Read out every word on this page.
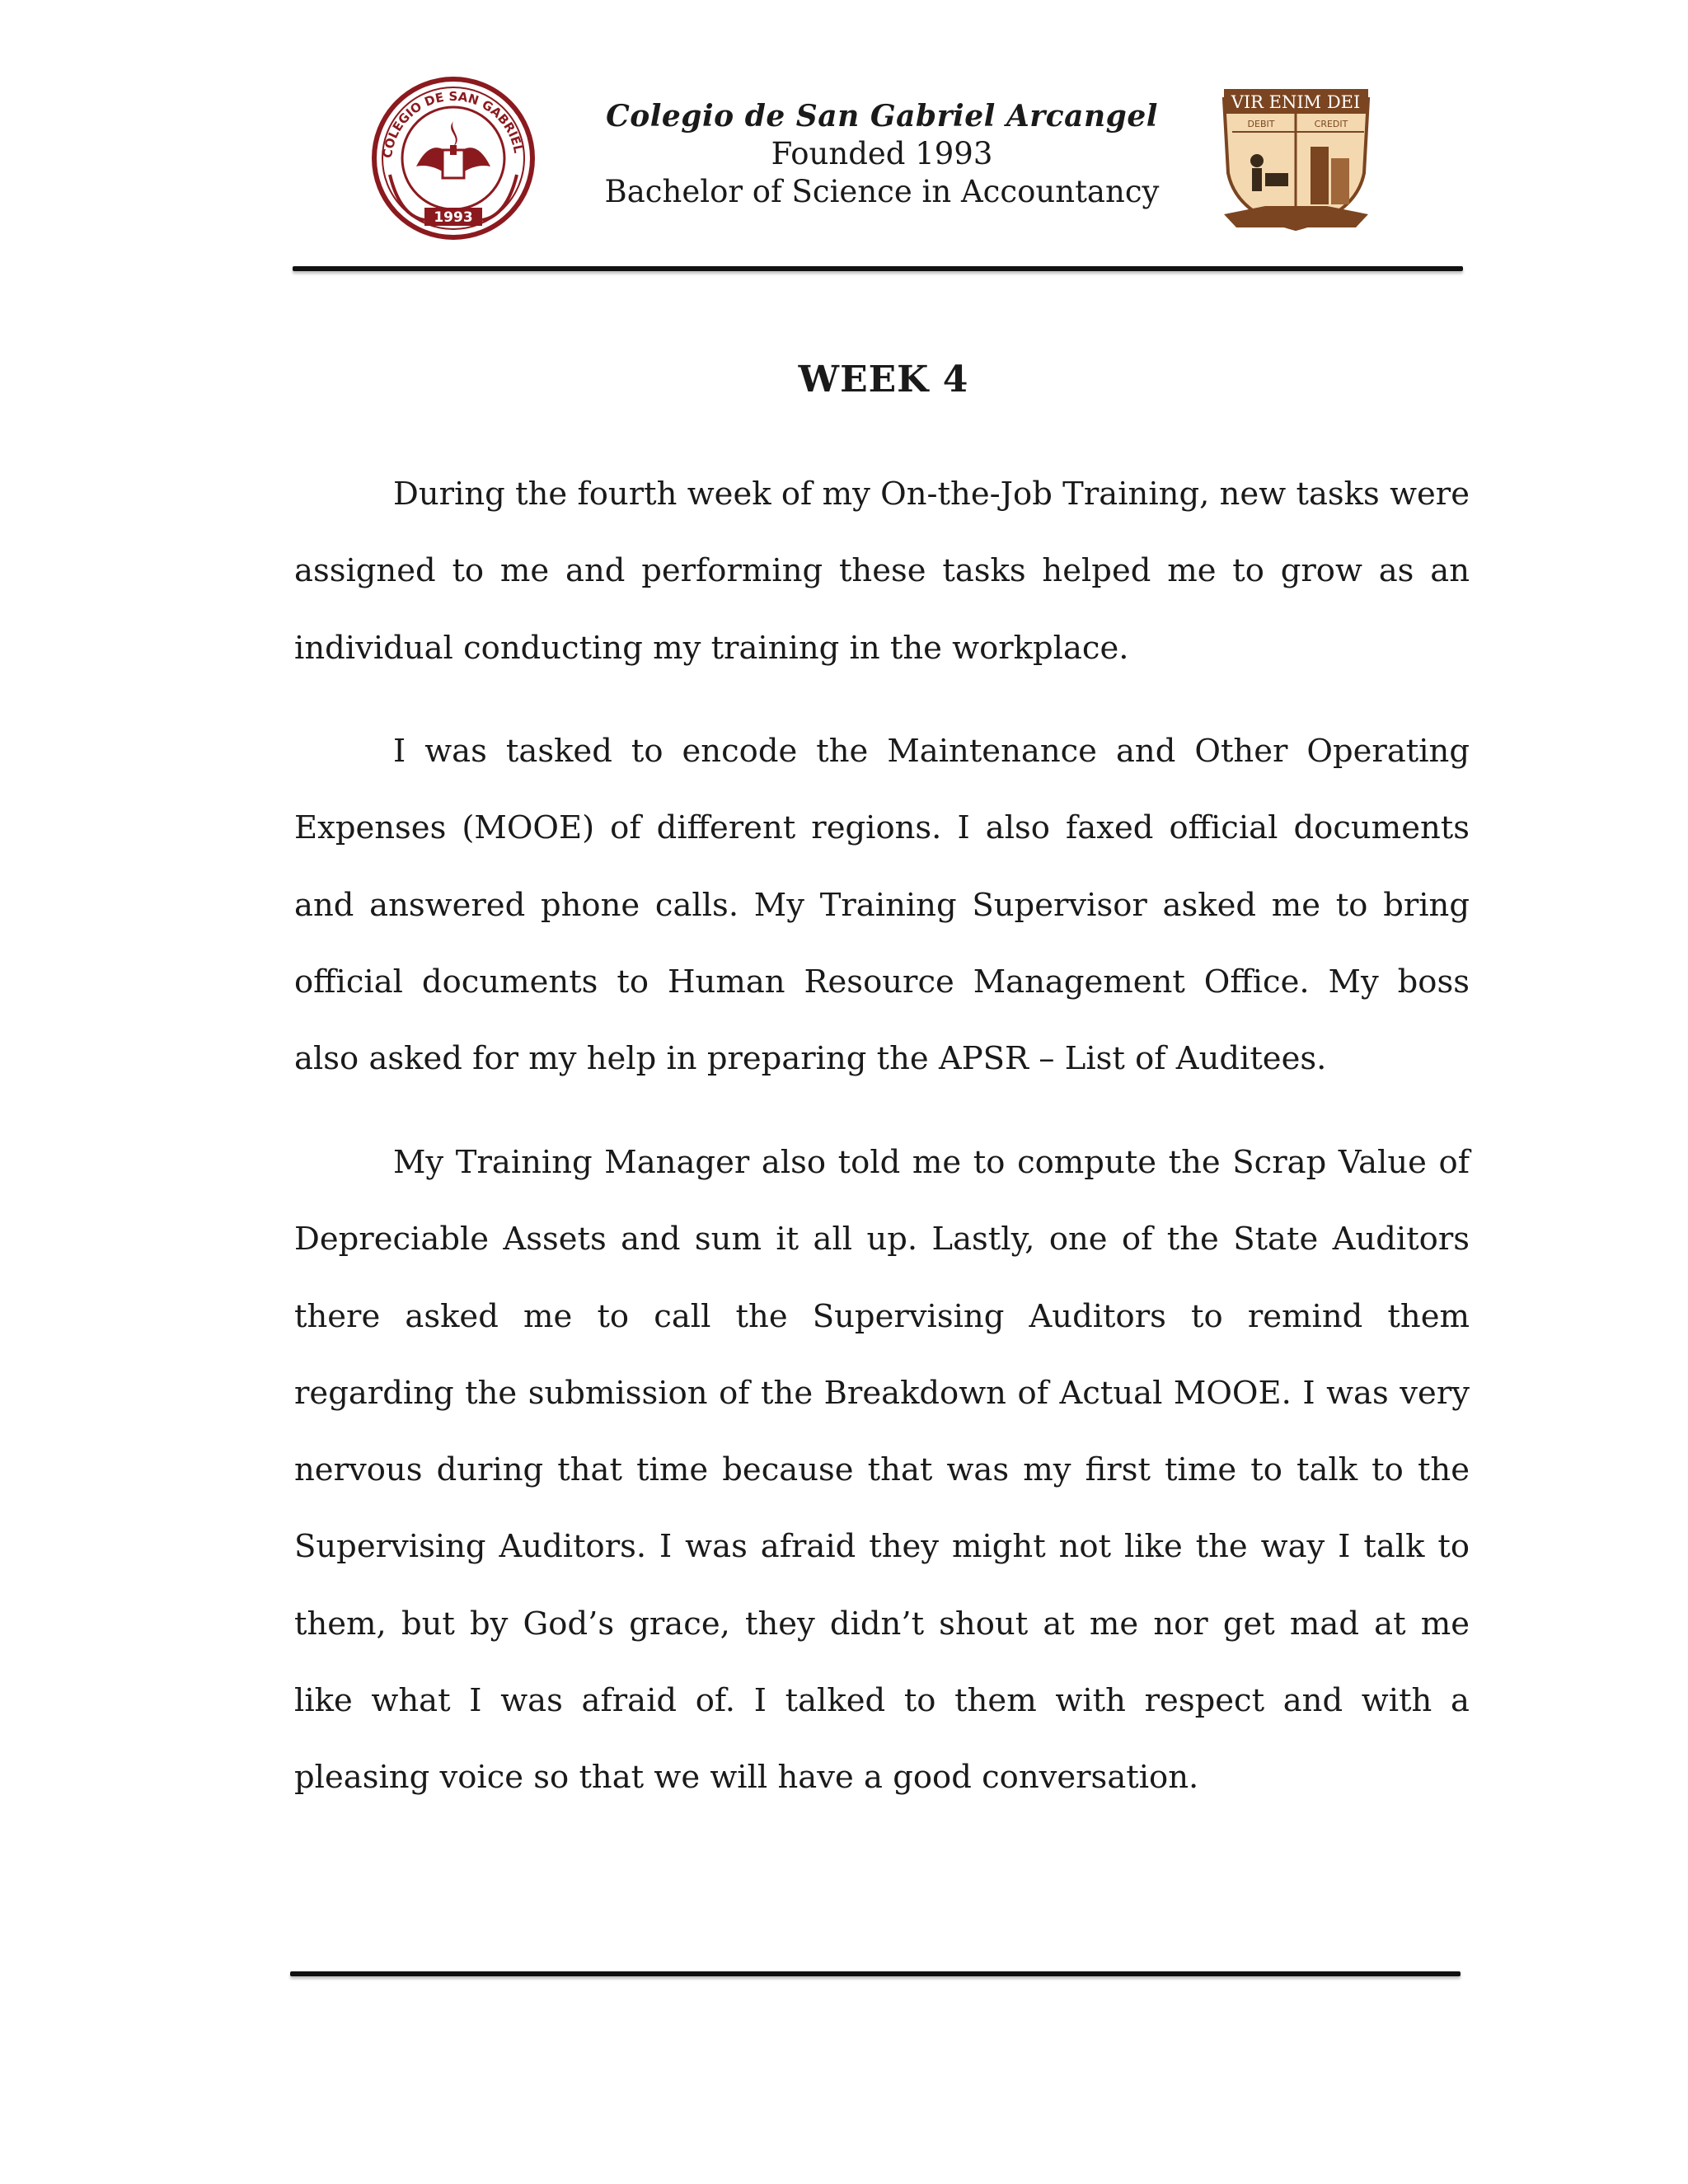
COLEGIO DE SAN GABRIEL
1993
Colegio de San Gabriel Arcangel
Founded 1993
Bachelor of Science in Accountancy
VIR ENIM DEI
DEBIT	CREDIT
WEEK 4

During the fourth week of my On-the-Job Training, new tasks were assigned to me and performing these tasks helped me to grow as an individual conducting my training in the workplace.

I was tasked to encode the Maintenance and Other Operating Expenses (MOOE) of different regions. I also faxed official documents and answered phone calls. My Training Supervisor asked me to bring official documents to Human Resource Management Office. My boss also asked for my help in preparing the APSR – List of Auditees.

My Training Manager also told me to compute the Scrap Value of Depreciable Assets and sum it all up. Lastly, one of the State Auditors there asked me to call the Supervising Auditors to remind them regarding the submission of the Breakdown of Actual MOOE. I was very nervous during that time because that was my first time to talk to the Supervising Auditors. I was afraid they might not like the way I talk to them, but by God’s grace, they didn’t shout at me nor get mad at me like what I was afraid of. I talked to them with respect and with a pleasing voice so that we will have a good conversation.
